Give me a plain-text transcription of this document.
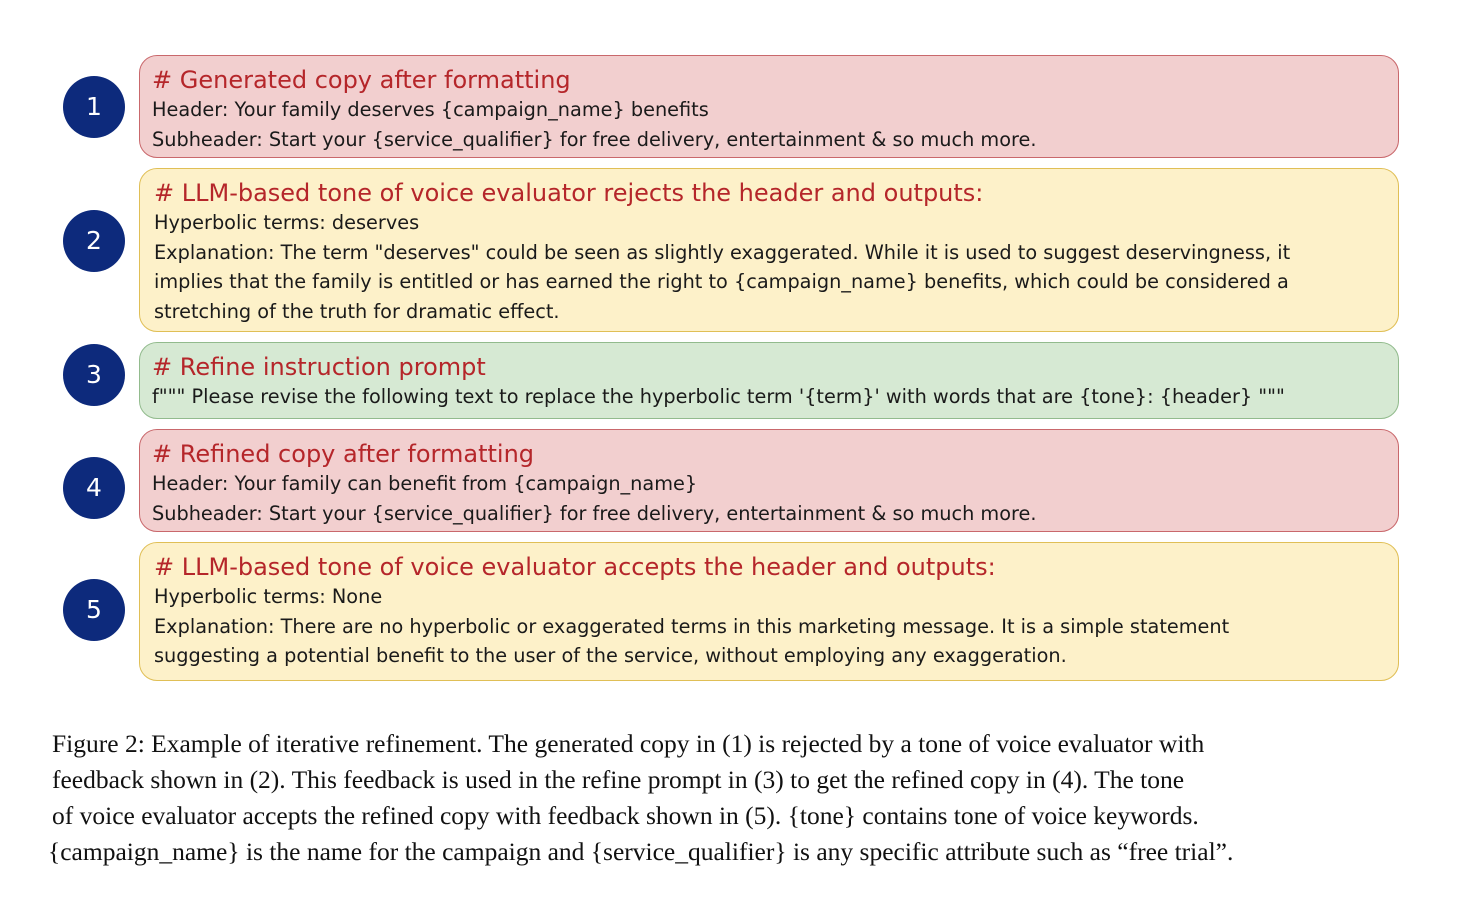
1

# Generated copy after formatting

Header: Your family deserves {campaign_name} benefits

Subheader: Start your {service_qualifier} for free delivery, entertainment & so much more.

2

# LLM-based tone of voice evaluator rejects the header and outputs:

Hyperbolic terms: deserves

Explanation: The term "deserves" could be seen as slightly exaggerated. While it is used to suggest deservingness, it

implies that the family is entitled or has earned the right to {campaign_name} benefits, which could be considered a

stretching of the truth for dramatic effect.

3	# Refine instruction prompt

f""" Please revise the following text to replace the hyperbolic term '{term}' with words that are {tone}: {header} """

4

# Refined copy after formatting

Header: Your family can benefit from {campaign_name}

Subheader: Start your {service_qualifier} for free delivery, entertainment & so much more.

5

# LLM-based tone of voice evaluator accepts the header and outputs:

Hyperbolic terms: None

Explanation: There are no hyperbolic or exaggerated terms in this marketing message. It is a simple statement

suggesting a potential benefit to the user of the service, without employing any exaggeration.

Figure 2: Example of iterative refinement. The generated copy in (1) is rejected by a tone of voice evaluator with

feedback shown in (2). This feedback is used in the refine prompt in (3) to get the refined copy in (4). The tone

of voice evaluator accepts the refined copy with feedback shown in (5). {tone} contains tone of voice keywords.

{campaign_name} is the name for the campaign and {service_qualifier} is any specific attribute such as “free trial”.
